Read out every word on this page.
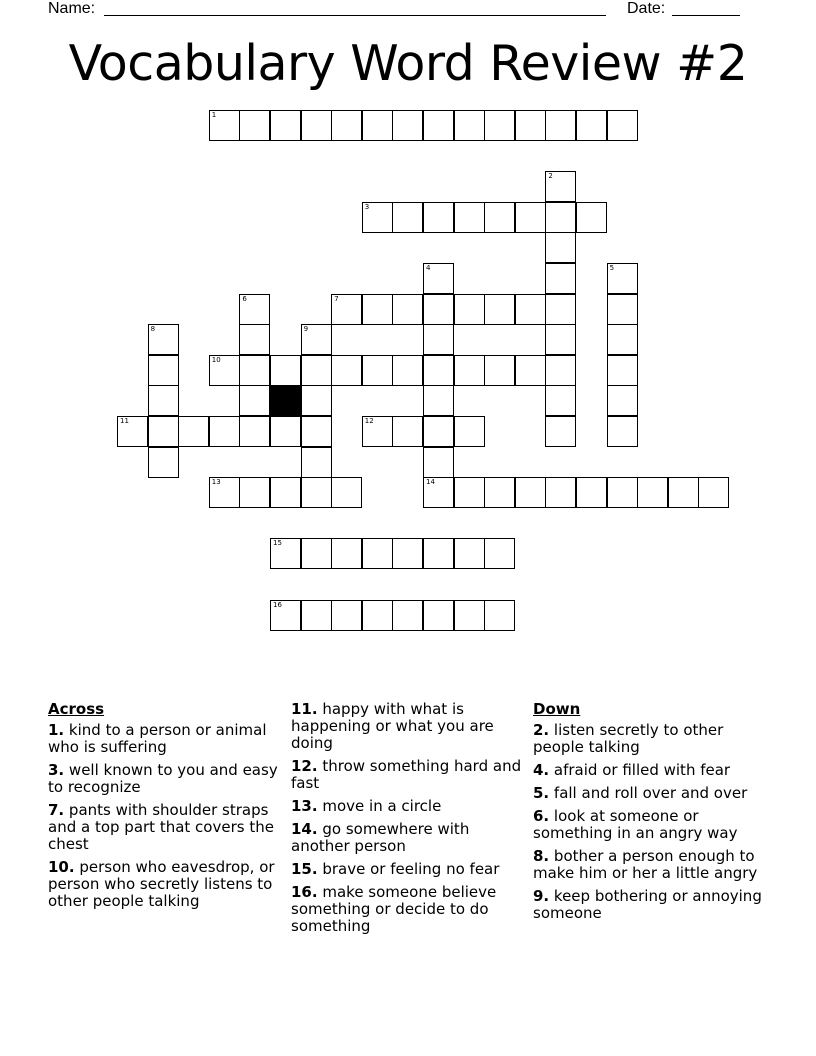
Name:	Date:
Vocabulary Word Review #2
1
2
3
4	5
6	7
8	9
10
11	12
13	14
15
16
Across
1. kind to a person or animal who is suffering
3. well known to you and easy to recognize
7. pants with shoulder straps and a top part that covers the chest
10. person who eavesdrop, or person who secretly listens to other people talking
11. happy with what is happening or what you are doing
12. throw something hard and fast
13. move in a circle
14. go somewhere with another person
15. brave or feeling no fear
16. make someone believe something or decide to do something
Down
2. listen secretly to other people talking
4. afraid or filled with fear
5. fall and roll over and over
6. look at someone or something in an angry way
8. bother a person enough to make him or her a little angry
9. keep bothering or annoying someone
